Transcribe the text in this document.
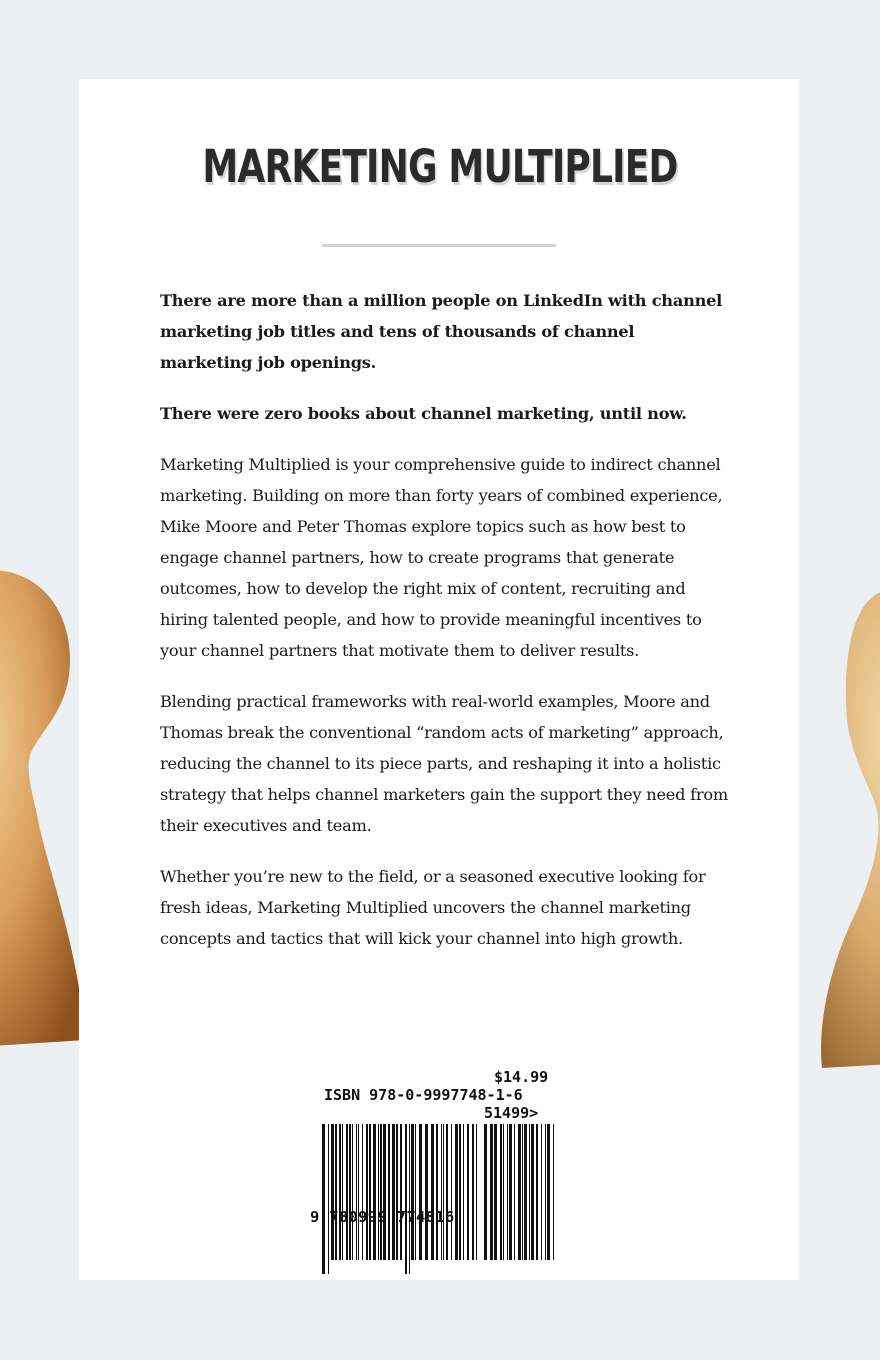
MARKETING MULTIPLIED

There are more than a million people on LinkedIn with channel marketing job titles and tens of thousands of channel marketing job openings.

There were zero books about channel marketing, until now.

Marketing Multiplied is your comprehensive guide to indirect channel marketing. Building on more than forty years of combined experience, Mike Moore and Peter Thomas explore topics such as how best to engage channel partners, how to create programs that generate outcomes, how to develop the right mix of content, recruiting and hiring talented people, and how to provide meaningful incentives to your channel partners that motivate them to deliver results.

Blending practical frameworks with real-world examples, Moore and Thomas break the conventional “random acts of marketing” approach, reducing the channel to its piece parts, and reshaping it into a holistic strategy that helps channel marketers gain the support they need from their executives and team.

Whether you’re new to the field, or a seasoned executive looking for fresh ideas, Marketing Multiplied uncovers the channel marketing concepts and tactics that will kick your channel into high growth.

$14.99
ISBN 978-0-9997748-1-6
51499>
9 780999 774816
